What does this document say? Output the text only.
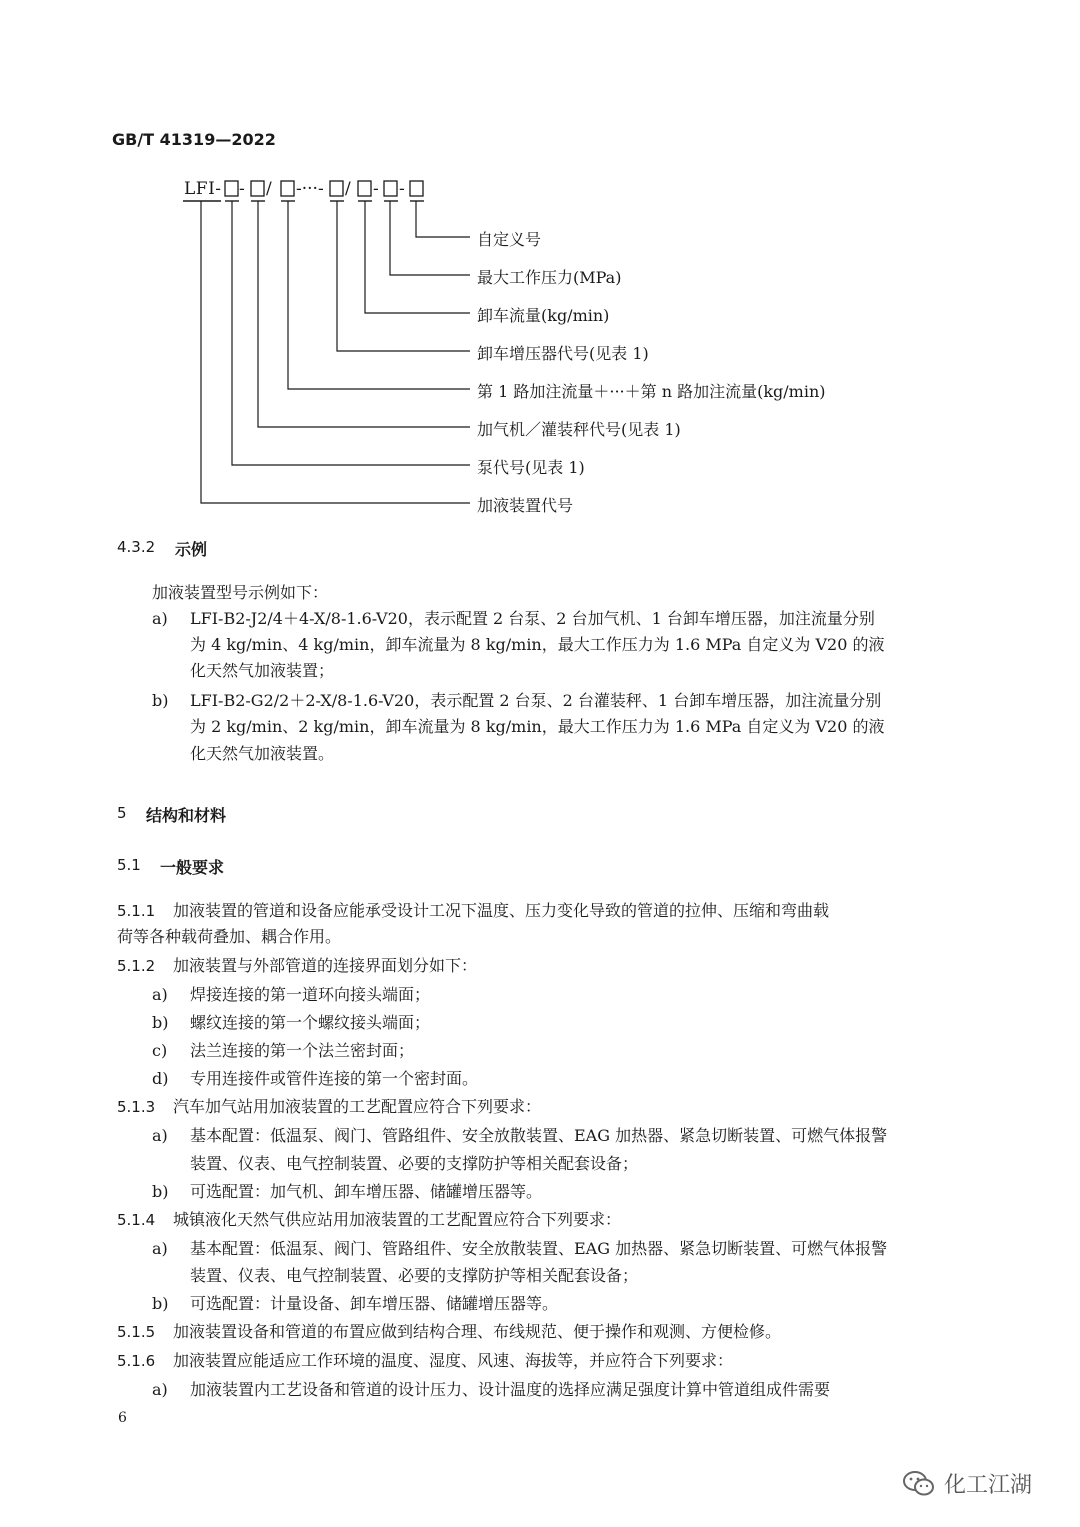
GB/T 41319—2022
LFI- - / -···- / - -
自定义号
最大工作压力(MPa)
卸车流量(kg/min)
卸车增压器代号(见表 1)
第 1 路加注流量＋···＋第 n 路加注流量(kg/min)
加气机／灌装秤代号(见表 1)
泵代号(见表 1)
加液装置代号
4.3.2 示例
加液装置型号示例如下：
a) LFI-B2-J2/4＋4-X/8-1.6-V20，表示配置 2 台泵、2 台加气机、1 台卸车增压器，加注流量分别
为 4 kg/min、4 kg/min，卸车流量为 8 kg/min，最大工作压力为 1.6 MPa 自定义为 V20 的液
化天然气加液装置；
b) LFI-B2-G2/2＋2-X/8-1.6-V20，表示配置 2 台泵、2 台灌装秤、1 台卸车增压器，加注流量分别
为 2 kg/min、2 kg/min，卸车流量为 8 kg/min，最大工作压力为 1.6 MPa 自定义为 V20 的液
化天然气加液装置。
5 结构和材料
5.1 一般要求
5.1.1 加液装置的管道和设备应能承受设计工况下温度、压力变化导致的管道的拉伸、压缩和弯曲载
荷等各种载荷叠加、耦合作用。
5.1.2 加液装置与外部管道的连接界面划分如下：
a) 焊接连接的第一道环向接头端面；
b) 螺纹连接的第一个螺纹接头端面；
c) 法兰连接的第一个法兰密封面；
d) 专用连接件或管件连接的第一个密封面。
5.1.3 汽车加气站用加液装置的工艺配置应符合下列要求：
a) 基本配置：低温泵、阀门、管路组件、安全放散装置、EAG 加热器、紧急切断装置、可燃气体报警
装置、仪表、电气控制装置、必要的支撑防护等相关配套设备；
b) 可选配置：加气机、卸车增压器、储罐增压器等。
5.1.4 城镇液化天然气供应站用加液装置的工艺配置应符合下列要求：
a) 基本配置：低温泵、阀门、管路组件、安全放散装置、EAG 加热器、紧急切断装置、可燃气体报警
装置、仪表、电气控制装置、必要的支撑防护等相关配套设备；
b) 可选配置：计量设备、卸车增压器、储罐增压器等。
5.1.5 加液装置设备和管道的布置应做到结构合理、布线规范、便于操作和观测、方便检修。
5.1.6 加液装置应能适应工作环境的温度、湿度、风速、海拔等，并应符合下列要求：
a) 加液装置内工艺设备和管道的设计压力、设计温度的选择应满足强度计算中管道组成件需要
6
化工江湖
